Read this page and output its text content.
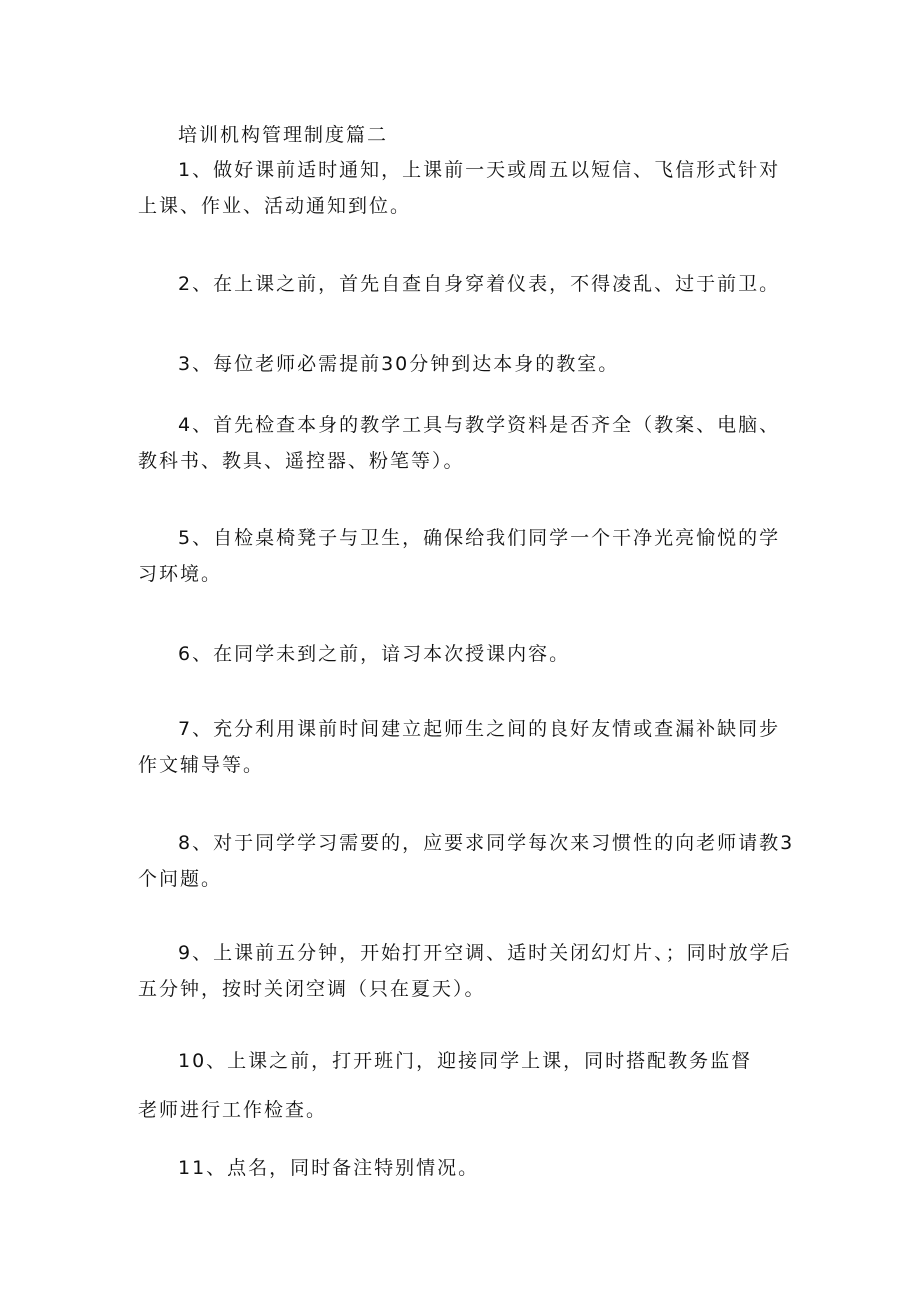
培训机构管理制度篇二

1、做好课前适时通知，上课前一天或周五以短信、飞信形式针对上课、作业、活动通知到位。

2、在上课之前，首先自查自身穿着仪表，不得凌乱、过于前卫。

3、每位老师必需提前30分钟到达本身的教室。

4、首先检查本身的教学工具与教学资料是否齐全（教案、电脑、教科书、教具、遥控器、粉笔等）。

5、自检桌椅凳子与卫生，确保给我们同学一个干净光亮愉悦的学习环境。

6、在同学未到之前，谙习本次授课内容。

7、充分利用课前时间建立起师生之间的良好友情或查漏补缺同步作文辅导等。

8、对于同学学习需要的，应要求同学每次来习惯性的向老师请教3个问题。

9、上课前五分钟，开始打开空调、适时关闭幻灯片、；同时放学后五分钟，按时关闭空调（只在夏天）。

10、上课之前，打开班门，迎接同学上课，同时搭配教务监督

老师进行工作检查。

11、点名，同时备注特别情况。
